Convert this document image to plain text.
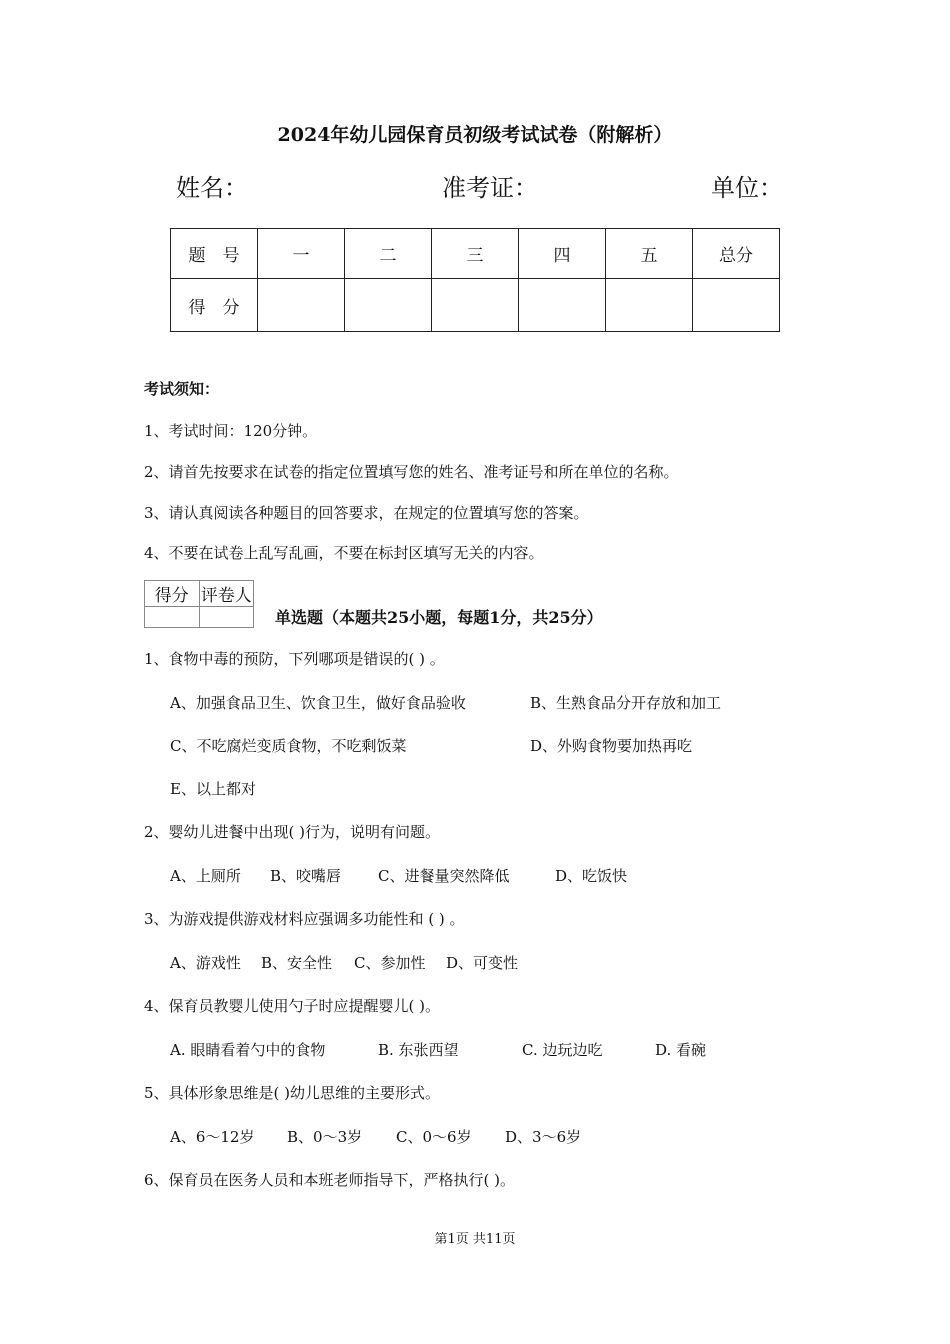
2024年幼儿园保育员初级考试试卷（附解析）
姓名：	准考证：	单位：
题　号	一	二	三	四	五	总分
得　分						
考试须知：
1、考试时间：120分钟。
2、请首先按要求在试卷的指定位置填写您的姓名、准考证号和所在单位的名称。
3、请认真阅读各种题目的回答要求，在规定的位置填写您的答案。
4、不要在试卷上乱写乱画，不要在标封区填写无关的内容。
得分	评卷人

单选题（本题共25小题，每题1分，共25分）
1、食物中毒的预防，下列哪项是错误的( ) 。
A、加强食品卫生、饮食卫生，做好食品验收	B、生熟食品分开存放和加工
C、不吃腐烂变质食物，不吃剩饭菜	D、外购食物要加热再吃
E、以上都对
2、婴幼儿进餐中出现( )行为，说明有问题。
A、上厕所 B、咬嘴唇 C、进餐量突然降低	D、吃饭快
3、为游戏提供游戏材料应强调多功能性和 ( ) 。
A、游戏性 B、安全性 C、参加性 D、可变性
4、保育员教婴儿使用勺子时应提醒婴儿( )。
A. 眼睛看着勺中的食物	B. 东张西望	C. 边玩边吃	D. 看碗
5、具体形象思维是( )幼儿思维的主要形式。
A、6～12岁 B、0～3岁 C、0～6岁 D、3～6岁
6、保育员在医务人员和本班老师指导下，严格执行( )。
第1页 共11页
